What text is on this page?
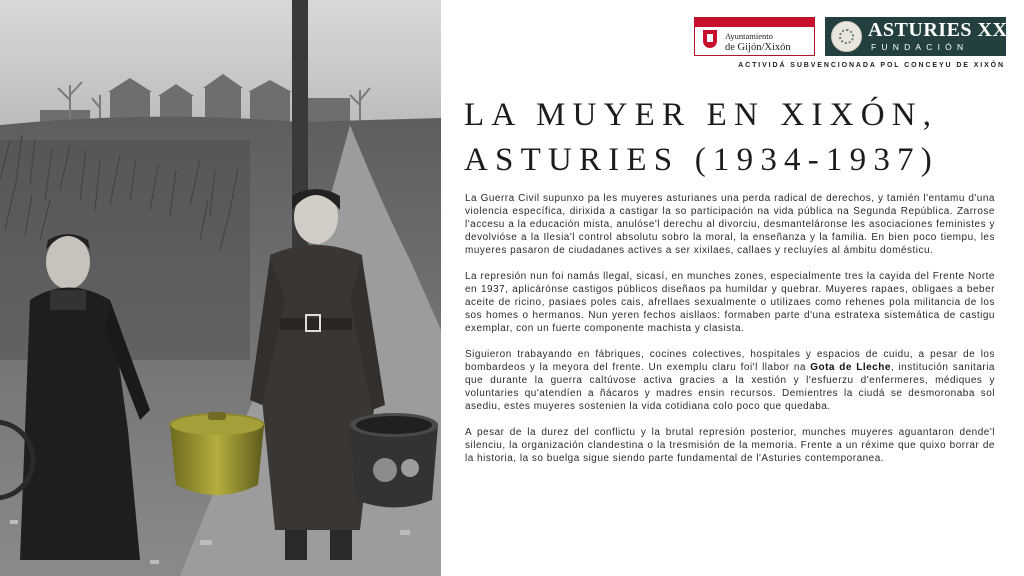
Ayuntamiento
de Gijón/Xixón
ASTURIES XXI
FUNDACIÓN
ACTIVIDÁ SUBVENCIONADA POL CONCEYU DE XIXÓN
LA MUYER EN XIXÓN,
ASTURIES (1934-1937)

La Guerra Civil supunxo pa les muyeres asturianes una perda radical de derechos, y tamién l'entamu d'una violencia específica, dirixida a castigar la so participación na vida pública na Segunda República. Zarrose l'accesu a la educación mista, anulóse'l derechu al divorciu, desmanteláronse les asociaciones feministes y devolvióse a la Ilesia'l control absolutu sobro la moral, la enseñanza y la familia. En bien poco tiempu, les muyeres pasaron de ciudadanes actives a ser xixilaes, callaes y recluyíes al ámbitu domésticu.

La represión nun foi namás llegal, sicasí, en munches zones, especialmente tres la cayida del Frente Norte en 1937, aplicárónse castigos públicos diseñaos pa humildar y quebrar. Muyeres rapaes, obligaes a beber aceite de ricino, pasiaes poles cais, afrellaes sexualmente o utilizaes como rehenes pola militancia de los sos homes o hermanos. Nun yeren fechos aisllaos: formaben parte d'una estratexa sistemática de castigu exemplar, con un fuerte componente machista y clasista.

Siguieron trabayando en fábriques, cocines colectives, hospitales y espacios de cuidu, a pesar de los bombardeos y la meyora del frente. Un exemplu claru foi'l llabor na Gota de Lleche, institución sanitaria que durante la guerra caltúvose activa gracies a la xestión y l'esfuerzu d'enfermeres, médiques y voluntaries qu'atendíen a ñácaros y madres ensin recursos. Demientres la ciudá se desmoronaba sol asediu, estes muyeres sostenien la vida cotidiana colo poco que quedaba.

A pesar de la durez del conflictu y la brutal represión posterior, munches muyeres aguantaron dende'l silenciu, la organización clandestina o la tresmisión de la memoria. Frente a un réxime que quixo borrar de la historia, la so buelga sigue siendo parte fundamental de l'Asturies contemporanea.
